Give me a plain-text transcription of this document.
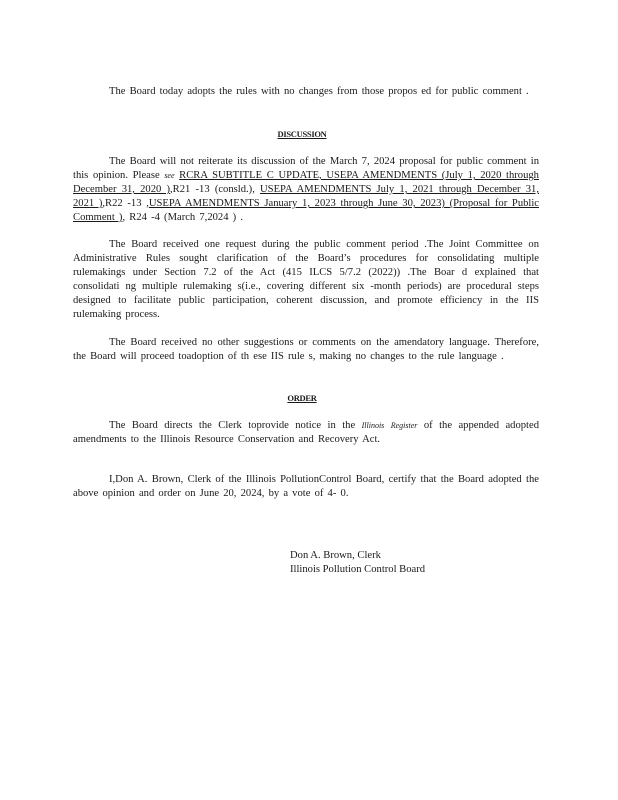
The Board today adopts the rules with no changes from those propos ed for public comment .

DISCUSSION

The Board will not reiterate its discussion of the March 7, 2024 proposal for public comment in this opinion. Please see RCRA SUBTITLE C UPDATE, USEPA AMENDMENTS (July 1, 2020 through December 31, 2020 ),R21 -13 (consld.), USEPA AMENDMENTS July 1, 2021 through December 31, 2021 ),R22 -13 ,USEPA AMENDMENTS January 1, 2023 through June 30, 2023) (Proposal for Public Comment ), R24 -4 (March 7,2024 ) .

The Board received one request during the public comment period .The Joint Committee on Administrative Rules sought clarification of the Board’s procedures for consolidating multiple rulemakings under Section 7.2 of the Act (415 ILCS 5/7.2 (2022)) .The Boar d explained that consolidati ng multiple rulemaking s(i.e., covering different six -month periods) are procedural steps designed to facilitate public participation, coherent discussion, and promote efficiency in the IIS rulemaking process.

The Board received no other suggestions or comments on the amendatory language. Therefore, the Board will proceed toadoption of th ese IIS rule s, making no changes to the rule language .

ORDER

The Board directs the Clerk toprovide notice in the Illinois Register of the appended adopted amendments to the Illinois Resource Conservation and Recovery Act.

I,Don A. Brown, Clerk of the Illinois PollutionControl Board, certify that the Board adopted the above opinion and order on June 20, 2024, by a vote of 4- 0.

Don A. Brown, Clerk
Illinois Pollution Control Board
